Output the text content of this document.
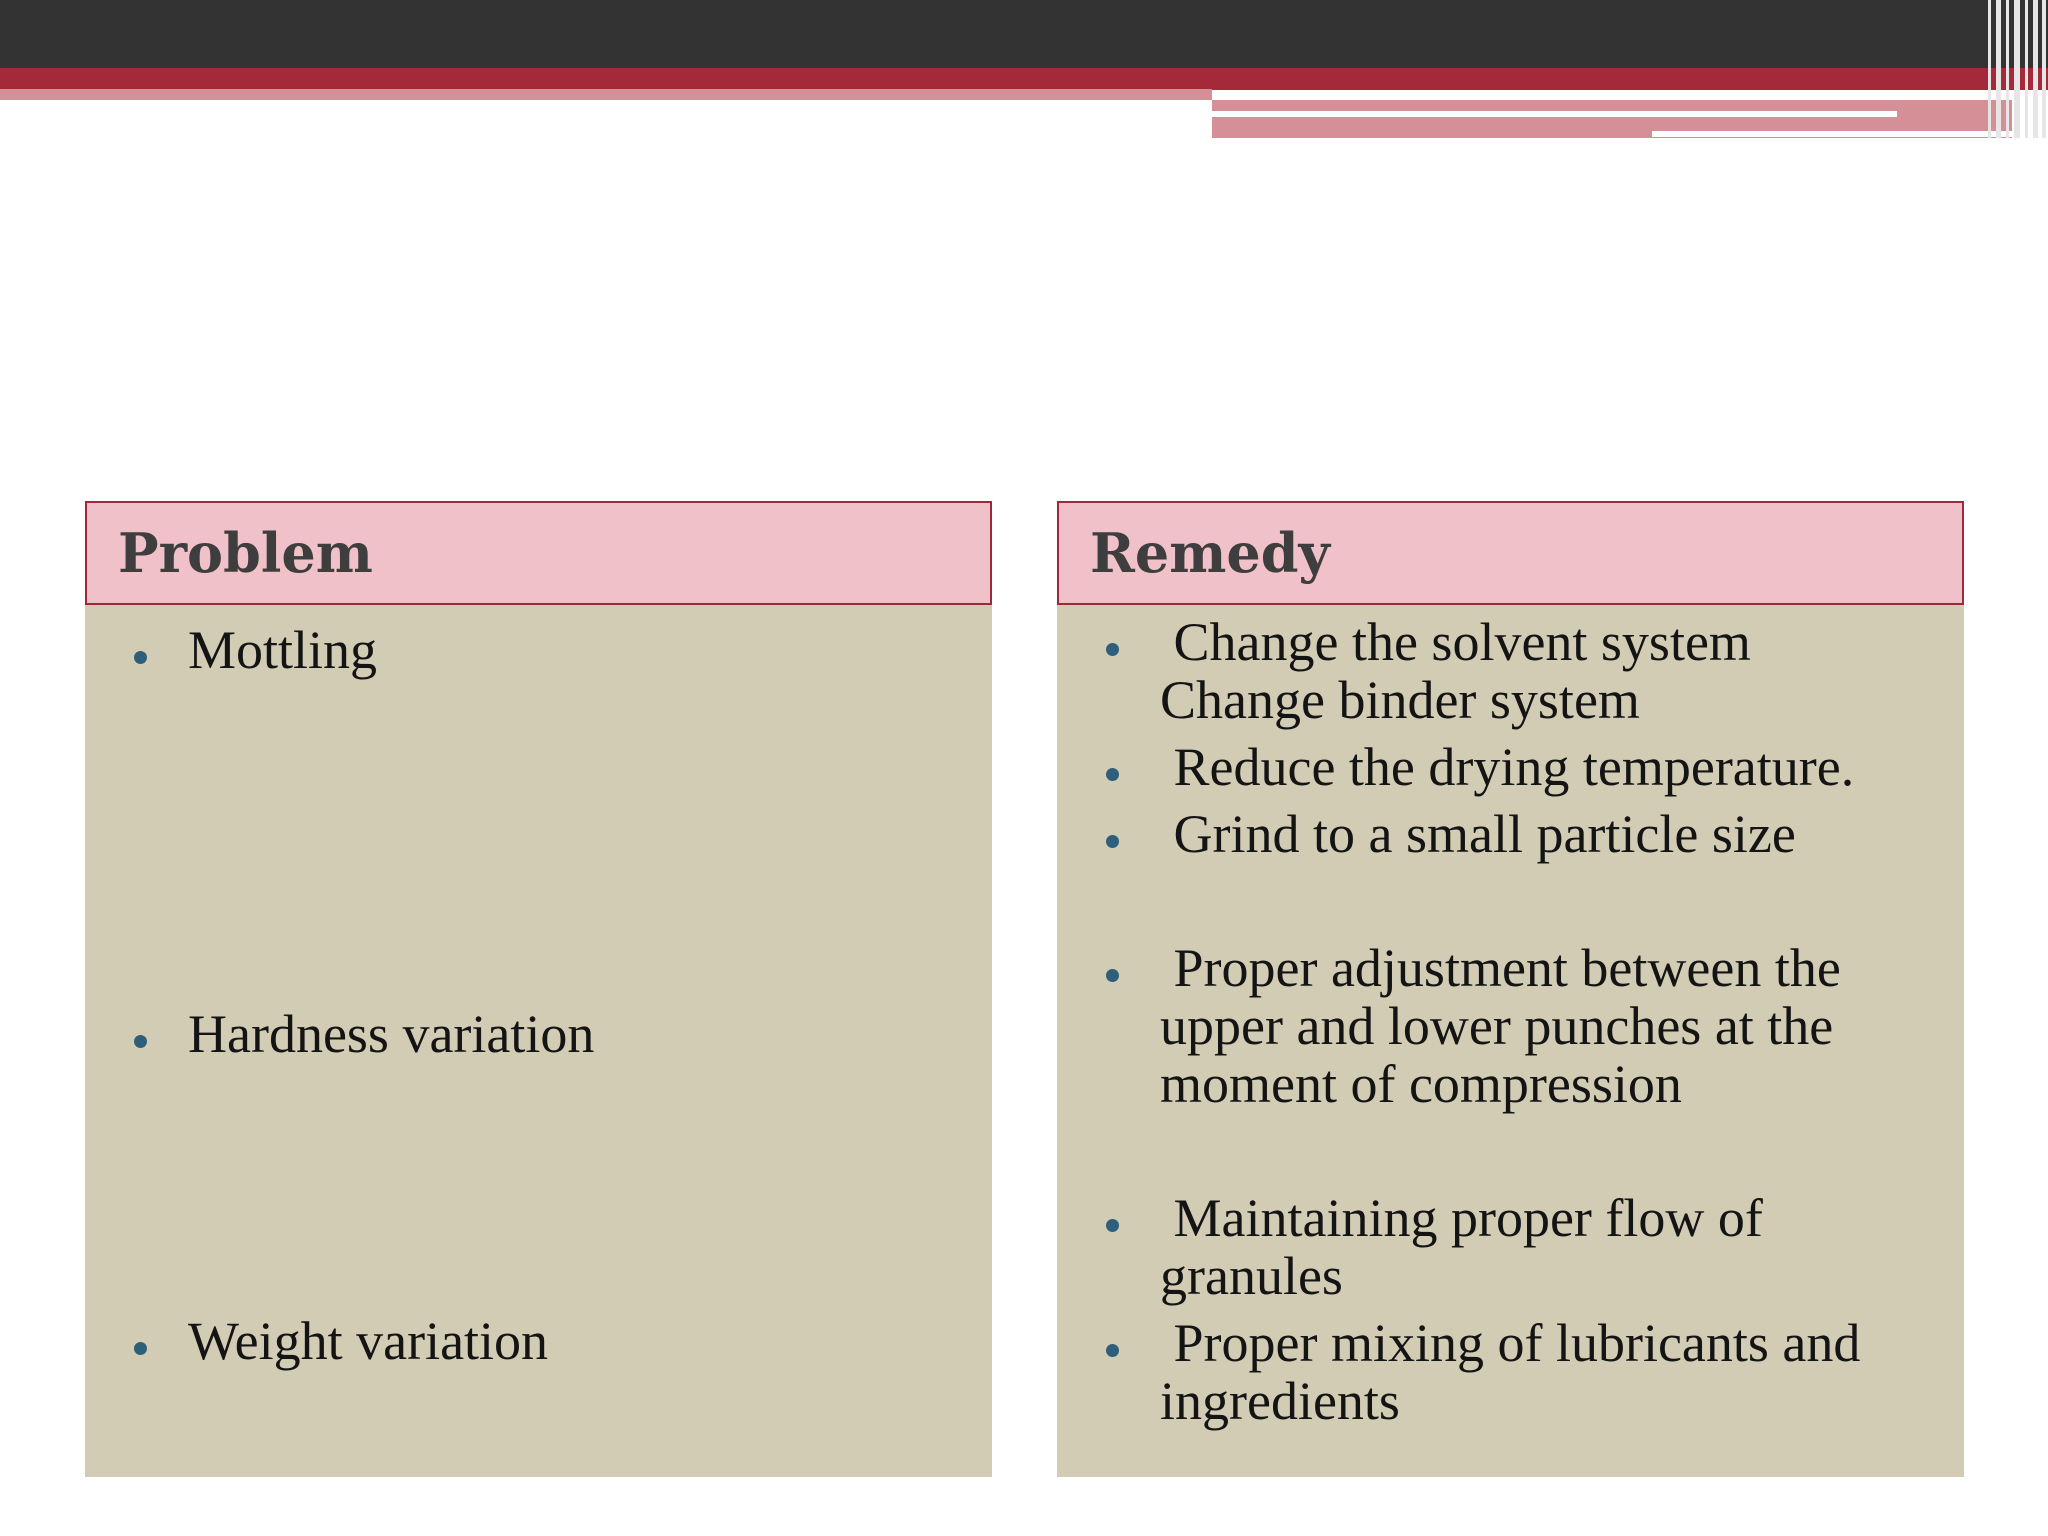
Problem
Mottling
Hardness variation
Weight variation
Remedy
Change the solvent system
Change binder system
Reduce the drying temperature.
Grind to a small particle size
Proper adjustment between the
upper and lower punches at the
moment of compression
Maintaining proper flow of
granules
Proper mixing of lubricants and
ingredients
